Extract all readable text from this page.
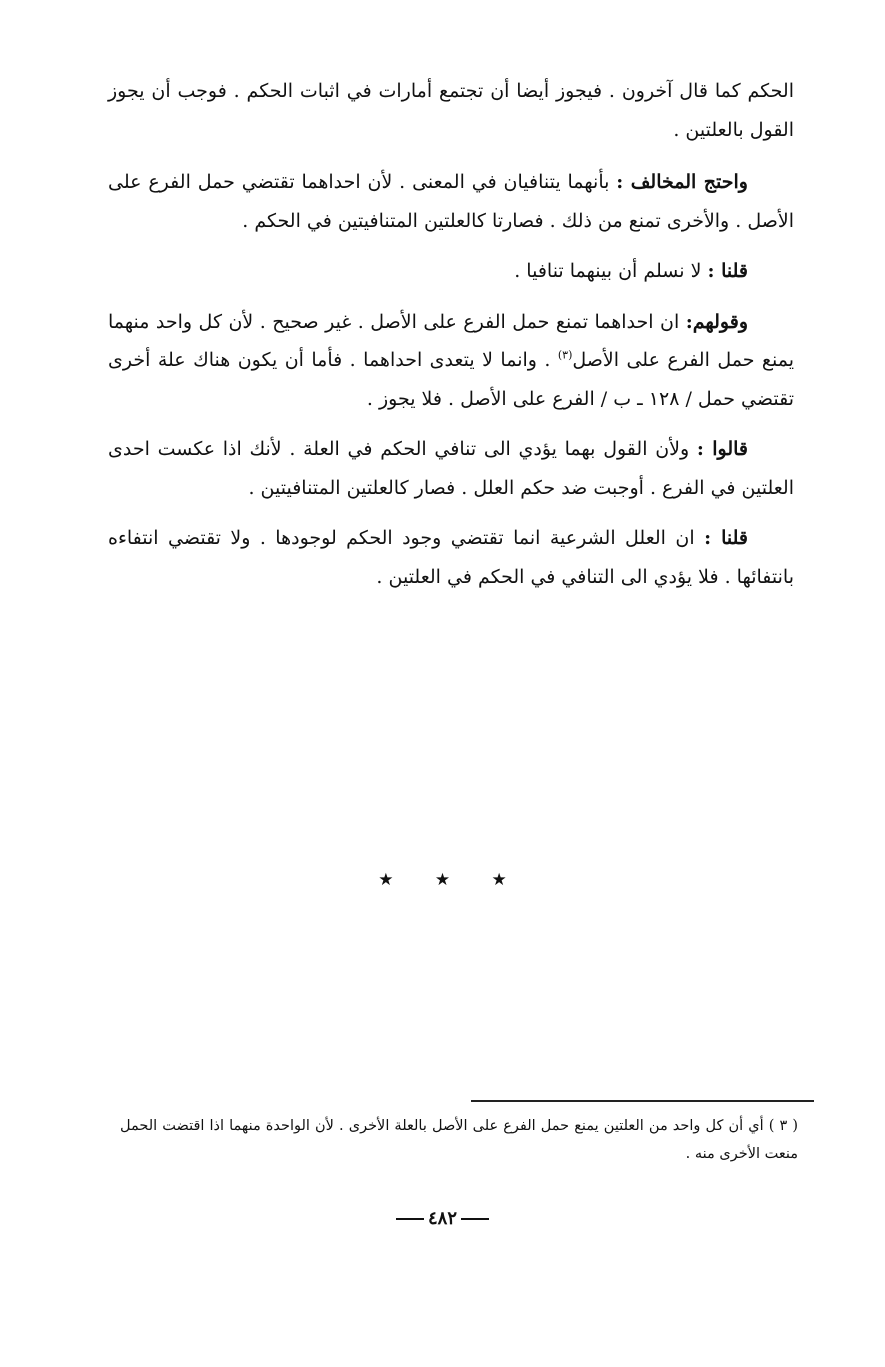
الحكم كما قال آخرون . فيجوز أيضا أن تجتمع أمارات في اثبات الحكم . فوجب أن يجوز القول بالعلتين .

واحتج المخالف : بأنهما يتنافيان في المعنى . لأن احداهما تقتضي حمل الفرع على الأصل . والأخرى تمنع من ذلك . فصارتا كالعلتين المتنافيتين في الحكم .

قلنا : لا نسلم أن بينهما تنافيا .

وقولهم: ان احداهما تمنع حمل الفرع على الأصل . غير صحيح . لأن كل واحد منهما يمنع حمل الفرع على الأصل$^{(٣)}$ . وانما لا يتعدى احداهما . فأما أن يكون هناك علة أخرى تقتضي حمل / ١٢٨ ـ ب / الفرع على الأصل . فلا يجوز .

قالوا : ولأن القول بهما يؤدي الى تنافي الحكم في العلة . لأنك اذا عكست احدى العلتين في الفرع . أوجبت ضد حكم العلل . فصار كالعلتين المتنافيتين .

قلنا : ان العلل الشرعية انما تقتضي وجود الحكم لوجودها . ولا تقتضي انتفاءه بانتفائها . فلا يؤدي الى التنافي في الحكم في العلتين .

★ ★ ★
( ٣ ) أي أن كل واحد من العلتين يمنع حمل الفرع على الأصل بالعلة الأخرى . لأن الواحدة منهما اذا اقتضت الحمل منعت الأخرى منه .
٤٨٢
